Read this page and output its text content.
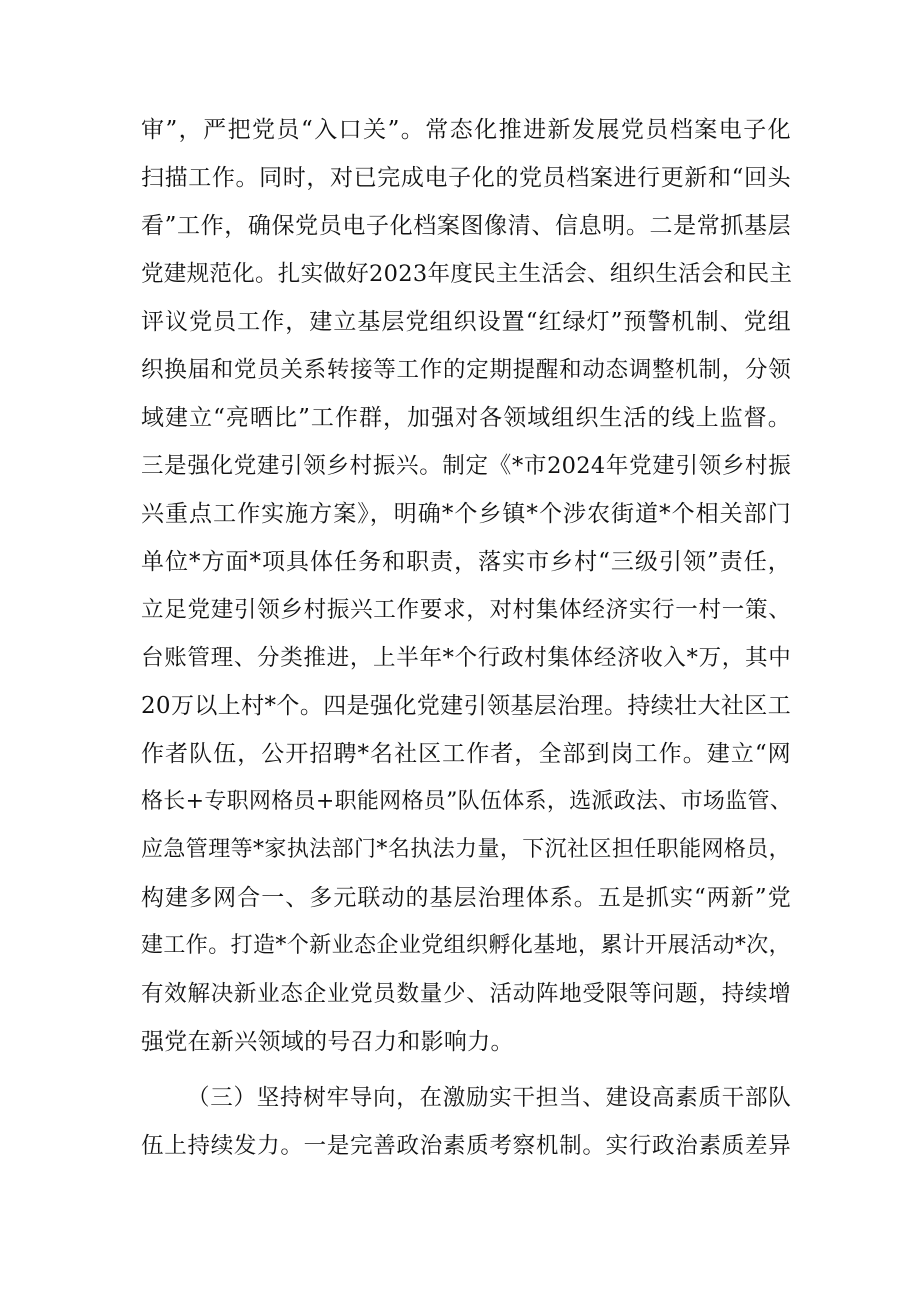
审”，严把党员“入口关”。常态化推进新发展党员档案电子化
扫描工作。同时，对已完成电子化的党员档案进行更新和“回头
看”工作，确保党员电子化档案图像清、信息明。二是常抓基层
党建规范化。扎实做好2023年度民主生活会、组织生活会和民主
评议党员工作，建立基层党组织设置“红绿灯”预警机制、党组
织换届和党员关系转接等工作的定期提醒和动态调整机制，分领
域建立“亮晒比”工作群，加强对各领域组织生活的线上监督。
三是强化党建引领乡村振兴。制定《*市2024年党建引领乡村振
兴重点工作实施方案》，明确*个乡镇*个涉农街道*个相关部门
单位*方面*项具体任务和职责，落实市乡村“三级引领”责任，
立足党建引领乡村振兴工作要求，对村集体经济实行一村一策、
台账管理、分类推进，上半年*个行政村集体经济收入*万，其中
20万以上村*个。四是强化党建引领基层治理。持续壮大社区工
作者队伍，公开招聘*名社区工作者，全部到岗工作。建立“网
格长+专职网格员+职能网格员”队伍体系，选派政法、市场监管、
应急管理等*家执法部门*名执法力量，下沉社区担任职能网格员，
构建多网合一、多元联动的基层治理体系。五是抓实“两新”党
建工作。打造*个新业态企业党组织孵化基地，累计开展活动*次，
有效解决新业态企业党员数量少、活动阵地受限等问题，持续增
强党在新兴领域的号召力和影响力。
（三）坚持树牢导向，在激励实干担当、建设高素质干部队
伍上持续发力。一是完善政治素质考察机制。实行政治素质差异
